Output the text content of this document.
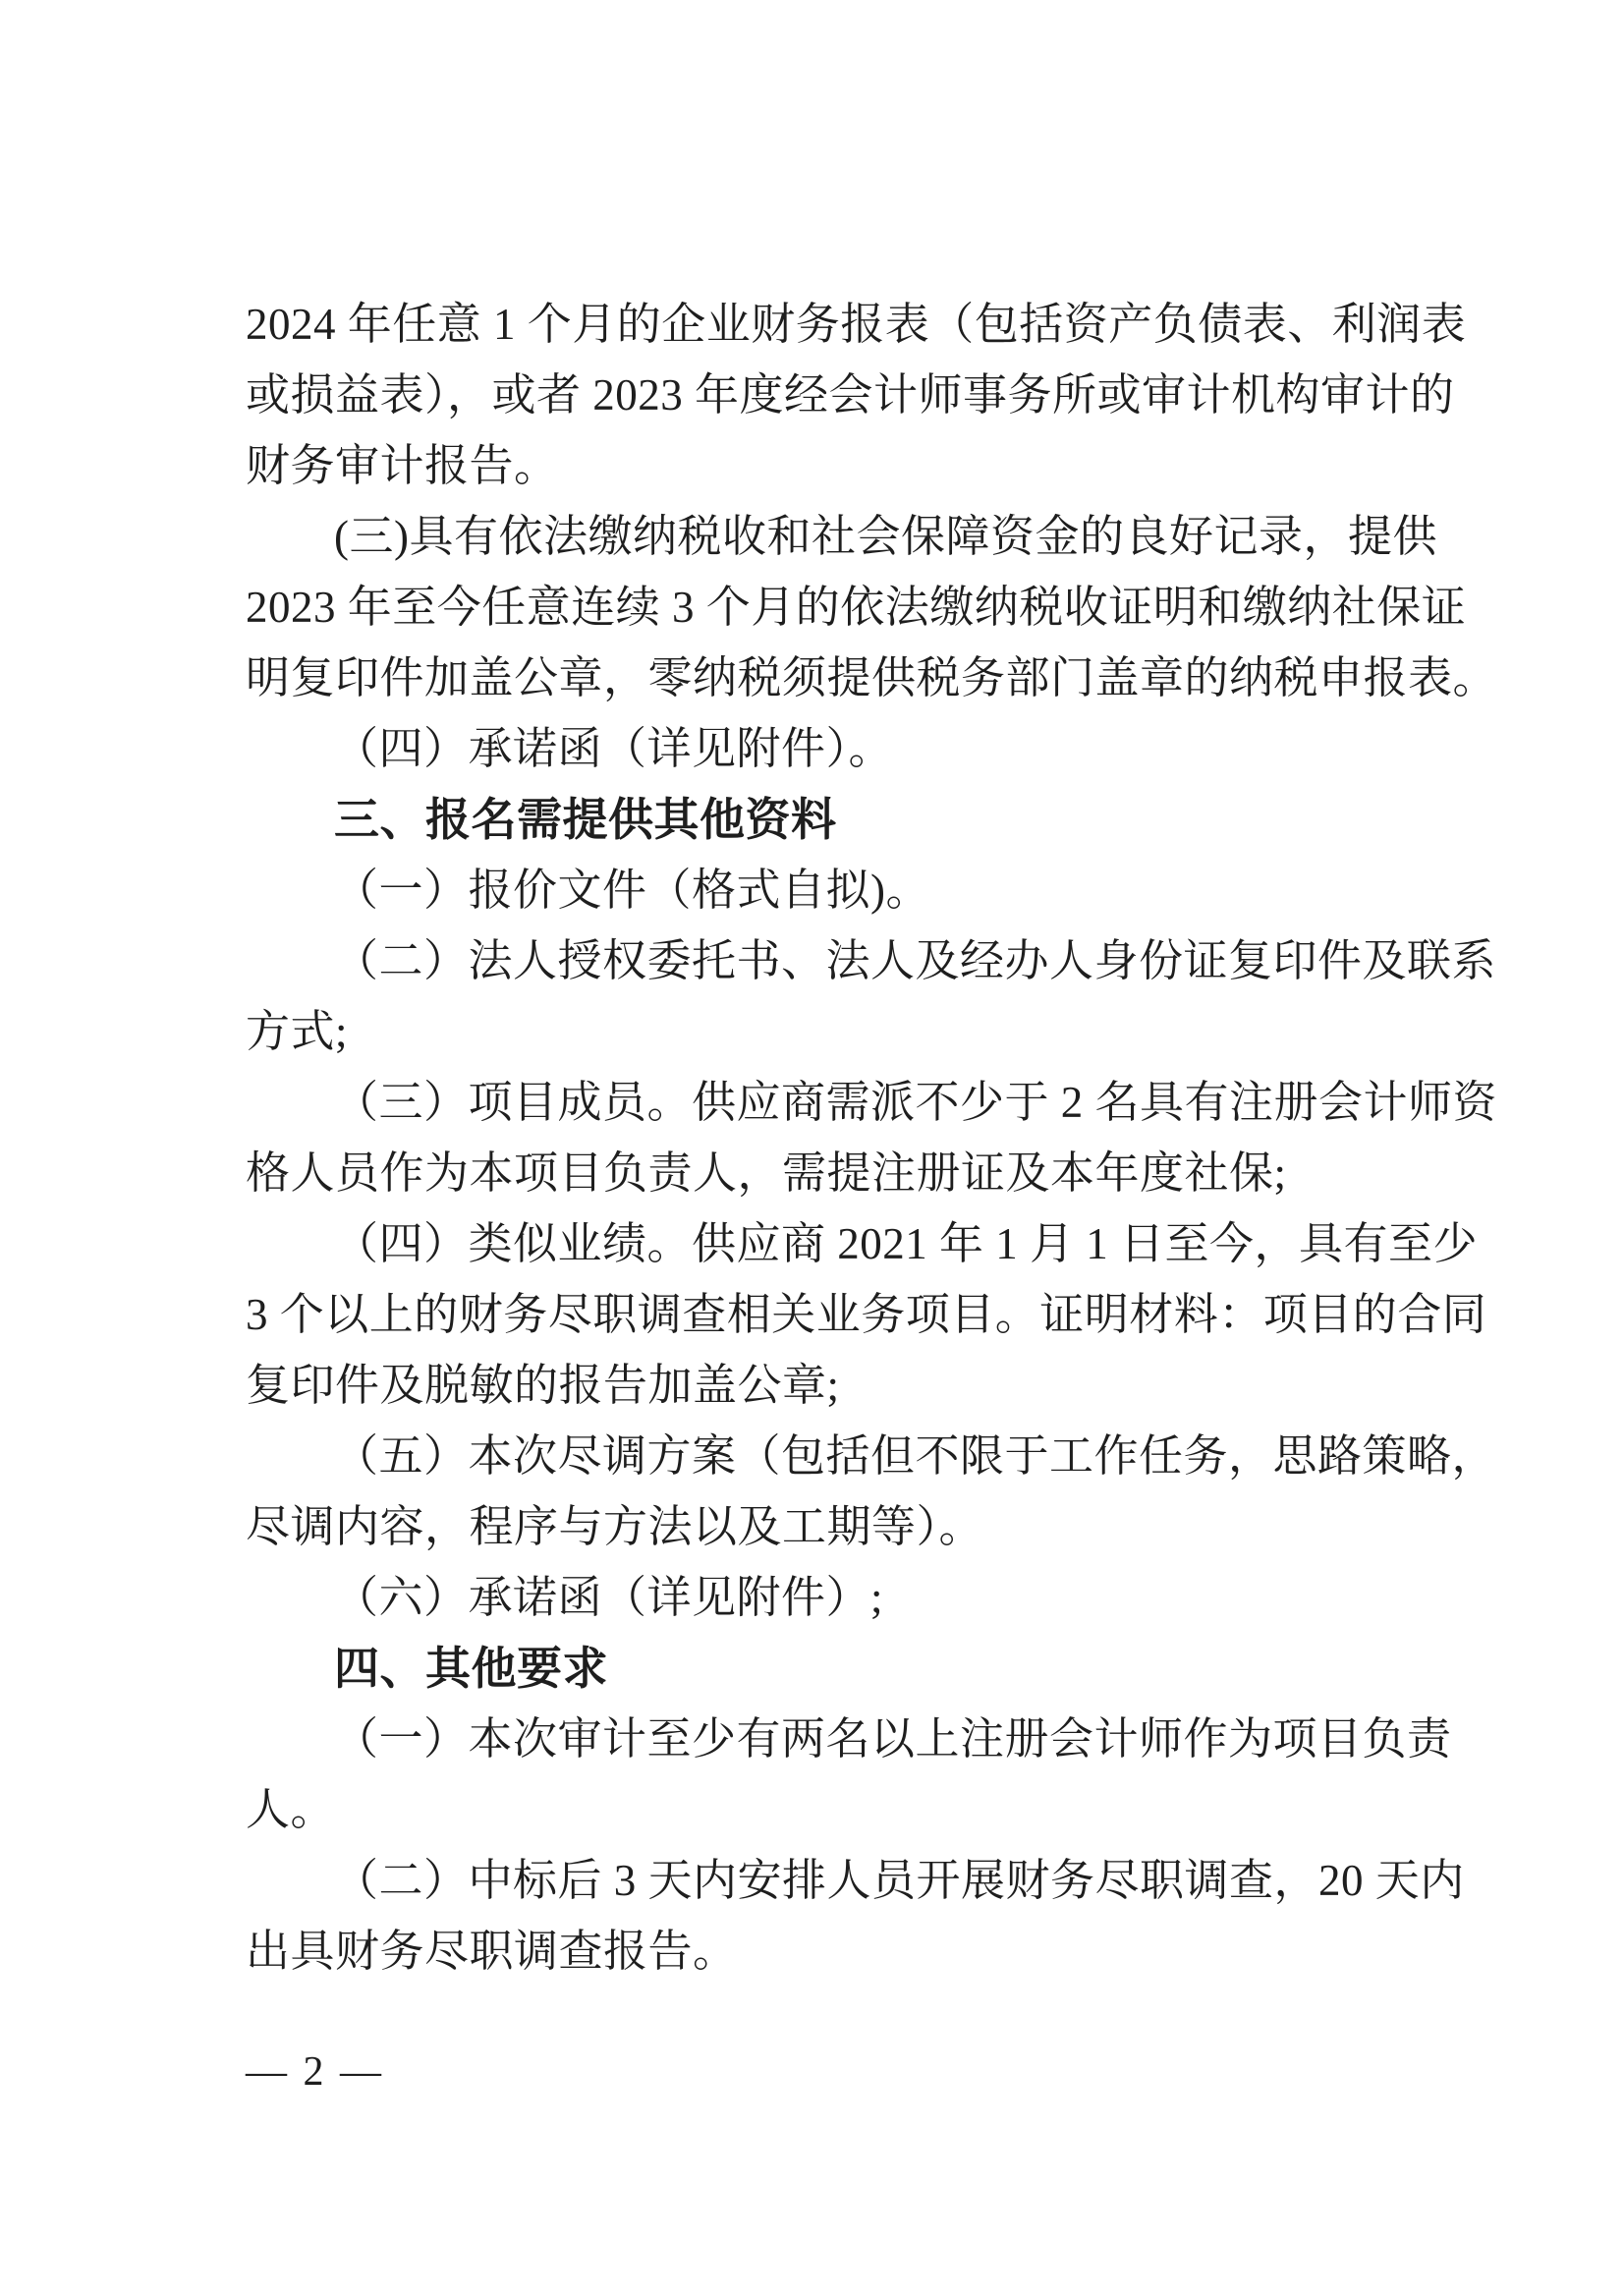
2024 年任意 1 个月的企业财务报表（包括资产负债表、利润表
或损益表），或者 2023 年度经会计师事务所或审计机构审计的
财务审计报告。
(三)具有依法缴纳税收和社会保障资金的良好记录，提供
2023 年至今任意连续 3 个月的依法缴纳税收证明和缴纳社保证
明复印件加盖公章，零纳税须提供税务部门盖章的纳税申报表。
（四）承诺函（详见附件）。
三、报名需提供其他资料
（一）报价文件（格式自拟)。
（二）法人授权委托书、法人及经办人身份证复印件及联系
方式;
（三）项目成员。供应商需派不少于 2 名具有注册会计师资
格人员作为本项目负责人，需提注册证及本年度社保;
（四）类似业绩。供应商 2021 年 1 月 1 日至今，具有至少
3 个以上的财务尽职调查相关业务项目。证明材料：项目的合同
复印件及脱敏的报告加盖公章;
（五）本次尽调方案（包括但不限于工作任务，思路策略，
尽调内容，程序与方法以及工期等）。
（六）承诺函（详见附件）;
四、其他要求
（一）本次审计至少有两名以上注册会计师作为项目负责
人。
（二）中标后 3 天内安排人员开展财务尽职调查，20 天内
出具财务尽职调查报告。
— 2 —
